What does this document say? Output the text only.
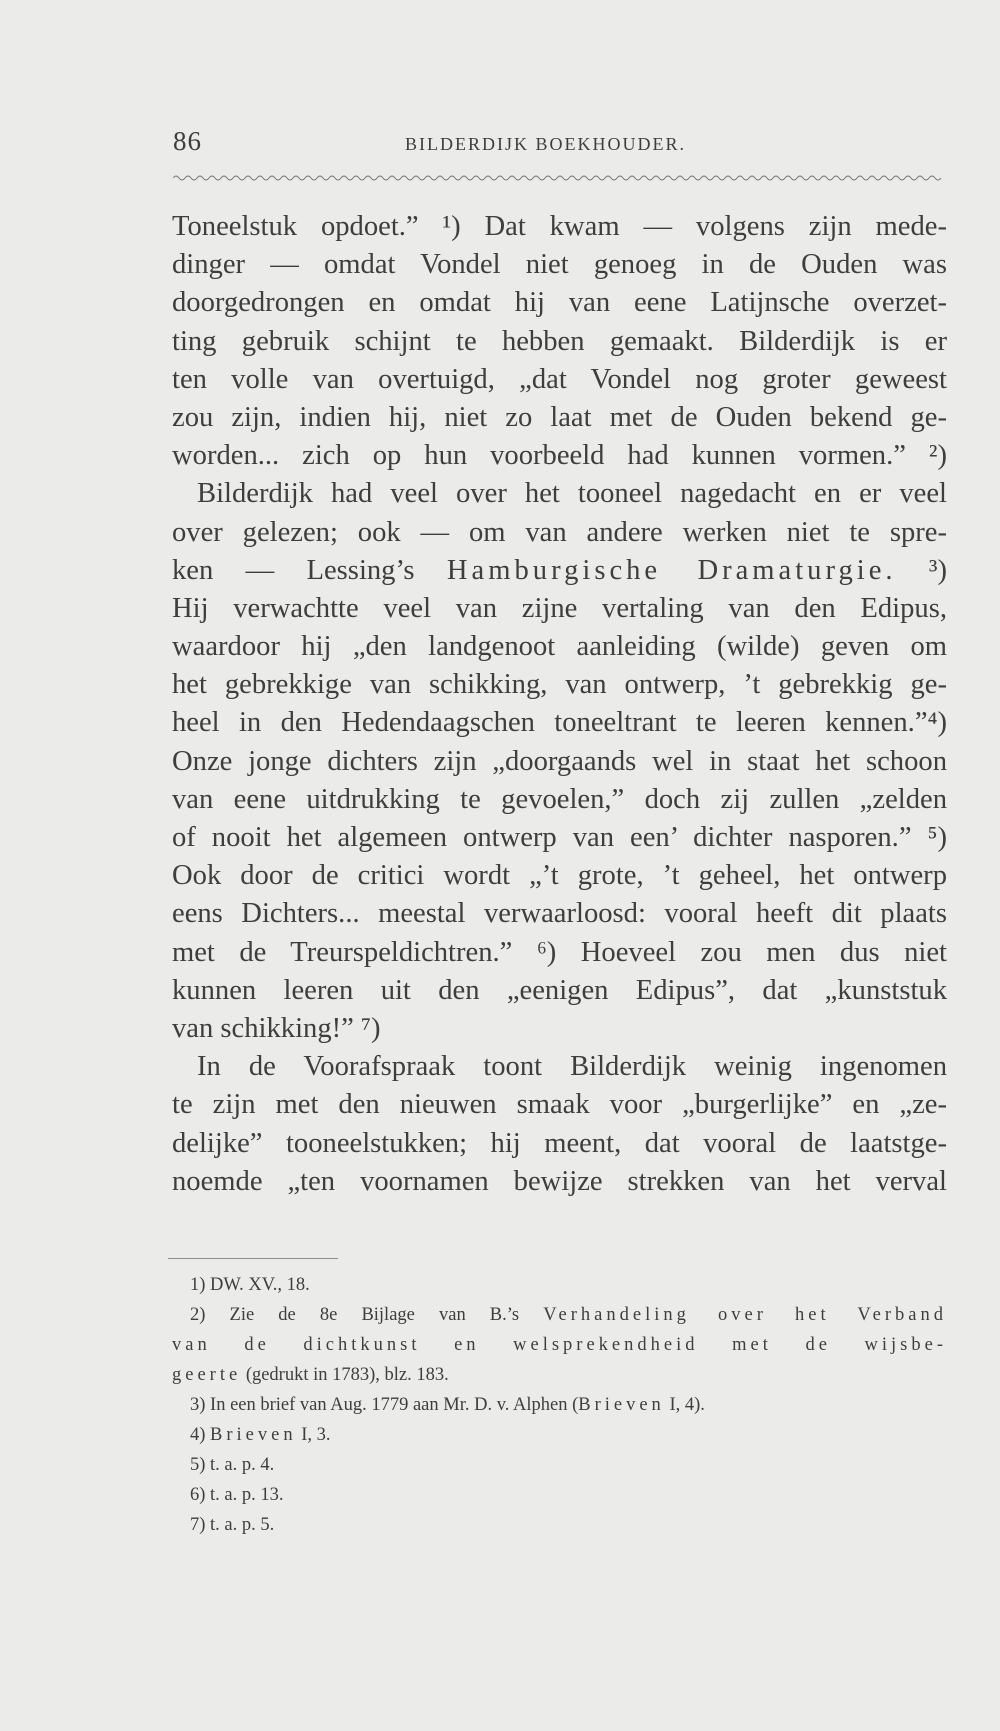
86	BILDERDIJK BOEKHOUDER.
Toneelstuk opdoet.” ¹) Dat kwam — volgens zijn mede-
dinger — omdat Vondel niet genoeg in de Ouden was
doorgedrongen en omdat hij van eene Latijnsche overzet-
ting gebruik schijnt te hebben gemaakt. Bilderdijk is er
ten volle van overtuigd, „dat Vondel nog groter geweest
zou zijn, indien hij, niet zo laat met de Ouden bekend ge-
worden... zich op hun voorbeeld had kunnen vormen.” ²)
Bilderdijk had veel over het tooneel nagedacht en er veel
over gelezen; ook — om van andere werken niet te spre-
ken — Lessing’s Hamburgische Dramaturgie. ³)
Hij verwachtte veel van zijne vertaling van den Edipus,
waardoor hij „den landgenoot aanleiding (wilde) geven om
het gebrekkige van schikking, van ontwerp, ’t gebrekkig ge-
heel in den Hedendaagschen toneeltrant te leeren kennen.”⁴)
Onze jonge dichters zijn „doorgaands wel in staat het schoon
van eene uitdrukking te gevoelen,” doch zij zullen „zelden
of nooit het algemeen ontwerp van een’ dichter nasporen.” ⁵)
Ook door de critici wordt „’t grote, ’t geheel, het ontwerp
eens Dichters... meestal verwaarloosd: vooral heeft dit plaats
met de Treurspeldichtren.” ⁶) Hoeveel zou men dus niet
kunnen leeren uit den „eenigen Edipus”, dat „kunststuk
van schikking!” ⁷)
In de Voorafspraak toont Bilderdijk weinig ingenomen
te zijn met den nieuwen smaak voor „burgerlijke” en „ze-
delijke” tooneelstukken; hij meent, dat vooral de laatstge-
noemde „ten voornamen bewijze strekken van het verval
1) DW. XV., 18.
2) Zie de 8e Bijlage van B.’s Verhandeling over het Verband
van de dichtkunst en welsprekendheid met de wijsbe-
geerte (gedrukt in 1783), blz. 183.
3) In een brief van Aug. 1779 aan Mr. D. v. Alphen (Brieven I, 4).
4) Brieven I, 3.
5) t. a. p. 4.
6) t. a. p. 13.
7) t. a. p. 5.
